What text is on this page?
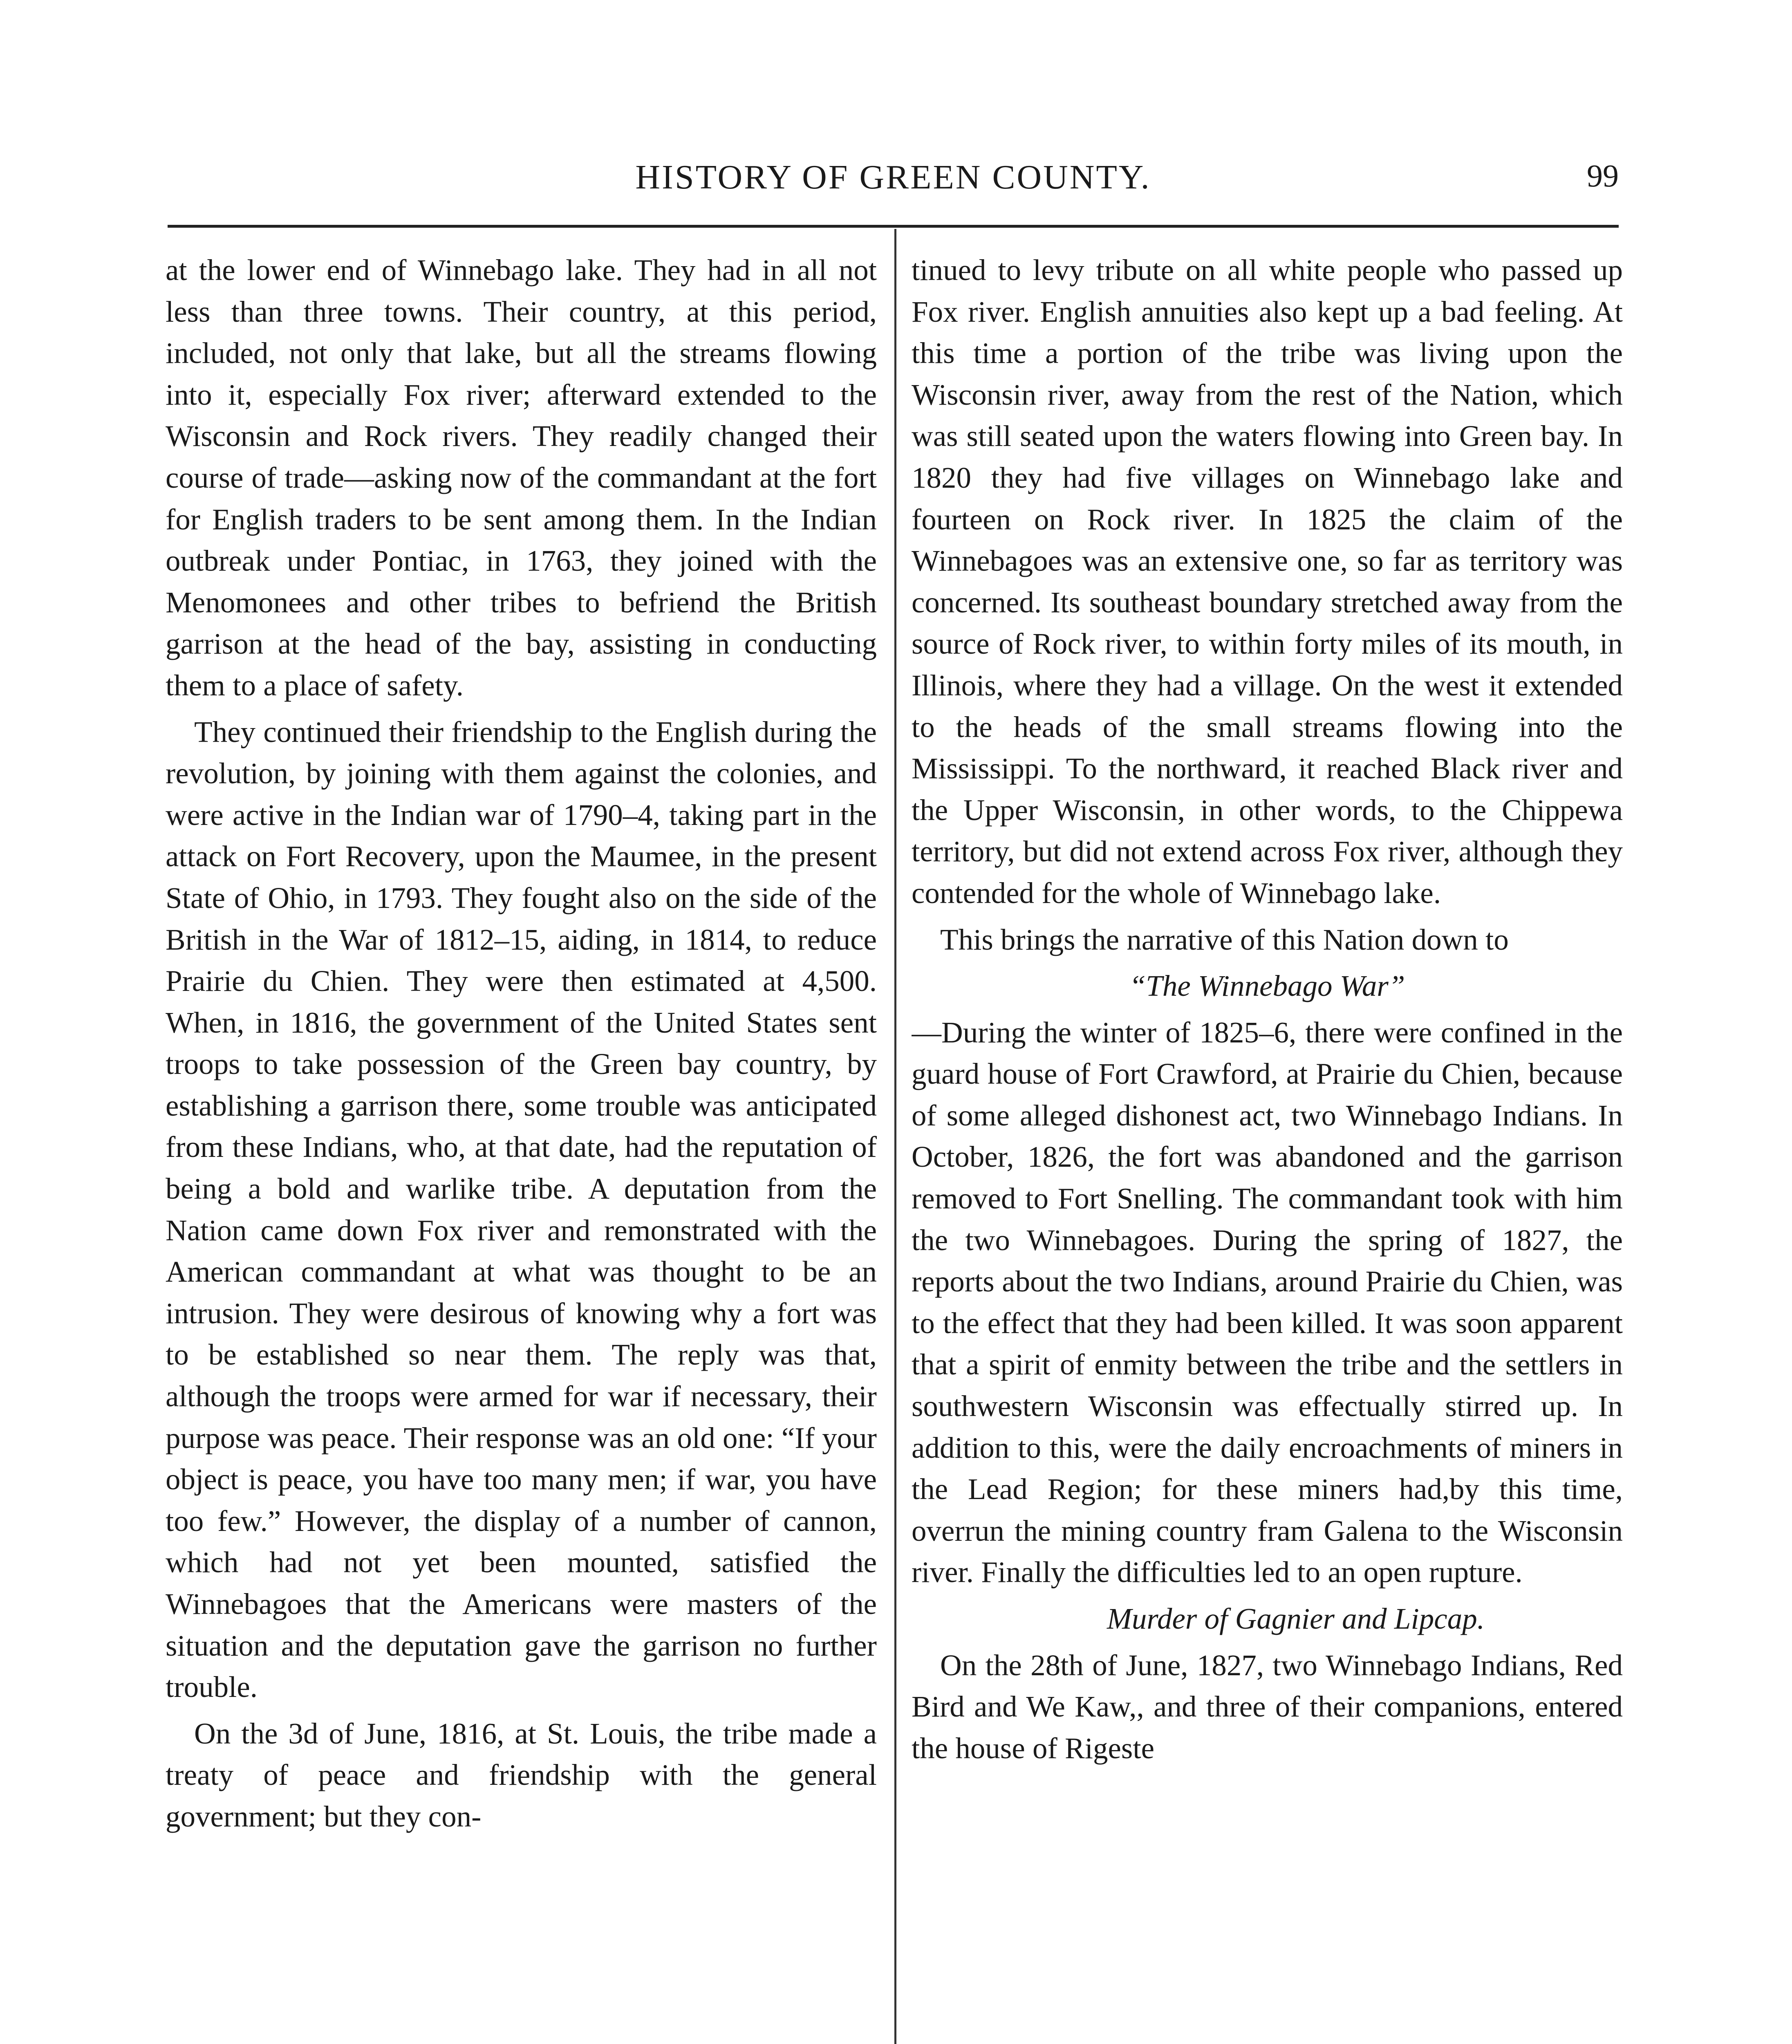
HISTORY OF GREEN COUNTY.	99

at the lower end of Winnebago lake. They had in all not less than three towns. Their country, at this period, included, not only that lake, but all the streams flowing into it, especially Fox river; afterward extended to the Wisconsin and Rock rivers. They readily changed their course of trade—asking now of the commandant at the fort for English traders to be sent among them. In the Indian outbreak under Pontiac, in 1763, they joined with the Menomonees and other tribes to befriend the British garrison at the head of the bay, assisting in conducting them to a place of safety.

They continued their friendship to the English during the revolution, by joining with them against the colonies, and were active in the Indian war of 1790–4, taking part in the attack on Fort Recovery, upon the Maumee, in the present State of Ohio, in 1793. They fought also on the side of the British in the War of 1812–15, aiding, in 1814, to reduce Prairie du Chien. They were then estimated at 4,500. When, in 1816, the government of the United States sent troops to take possession of the Green bay country, by establishing a garrison there, some trouble was anticipated from these Indians, who, at that date, had the reputation of being a bold and warlike tribe. A deputation from the Nation came down Fox river and remonstrated with the American commandant at what was thought to be an intrusion. They were desirous of knowing why a fort was to be established so near them. The reply was that, although the troops were armed for war if necessary, their purpose was peace. Their response was an old one: “If your object is peace, you have too many men; if war, you have too few.” However, the display of a number of cannon, which had not yet been mounted, satisfied the Winnebagoes that the Americans were masters of the situation and the deputation gave the garrison no further trouble.

On the 3d of June, 1816, at St. Louis, the tribe made a treaty of peace and friendship with the general government; but they con-

tinued to levy tribute on all white people who passed up Fox river. English annuities also kept up a bad feeling. At this time a portion of the tribe was living upon the Wisconsin river, away from the rest of the Nation, which was still seated upon the waters flowing into Green bay. In 1820 they had five villages on Winnebago lake and fourteen on Rock river. In 1825 the claim of the Winnebagoes was an extensive one, so far as territory was concerned. Its southeast boundary stretched away from the source of Rock river, to within forty miles of its mouth, in Illinois, where they had a village. On the west it extended to the heads of the small streams flowing into the Mississippi. To the northward, it reached Black river and the Upper Wisconsin, in other words, to the Chippewa territory, but did not extend across Fox river, although they contended for the whole of Winnebago lake.

This brings the narrative of this Nation down to

“The Winnebago War”

—During the winter of 1825–6, there were confined in the guard house of Fort Crawford, at Prairie du Chien, because of some alleged dishonest act, two Winnebago Indians. In October, 1826, the fort was abandoned and the garrison removed to Fort Snelling. The commandant took with him the two Winnebagoes. During the spring of 1827, the reports about the two Indians, around Prairie du Chien, was to the effect that they had been killed. It was soon apparent that a spirit of enmity between the tribe and the settlers in southwestern Wisconsin was effectually stirred up. In addition to this, were the daily encroachments of miners in the Lead Region; for these miners had,by this time, overrun the mining country fram Galena to the Wisconsin river. Finally the difficulties led to an open rupture.

Murder of Gagnier and Lipcap.

On the 28th of June, 1827, two Winnebago Indians, Red Bird and We Kaw,, and three of their companions, entered the house of Rigeste
